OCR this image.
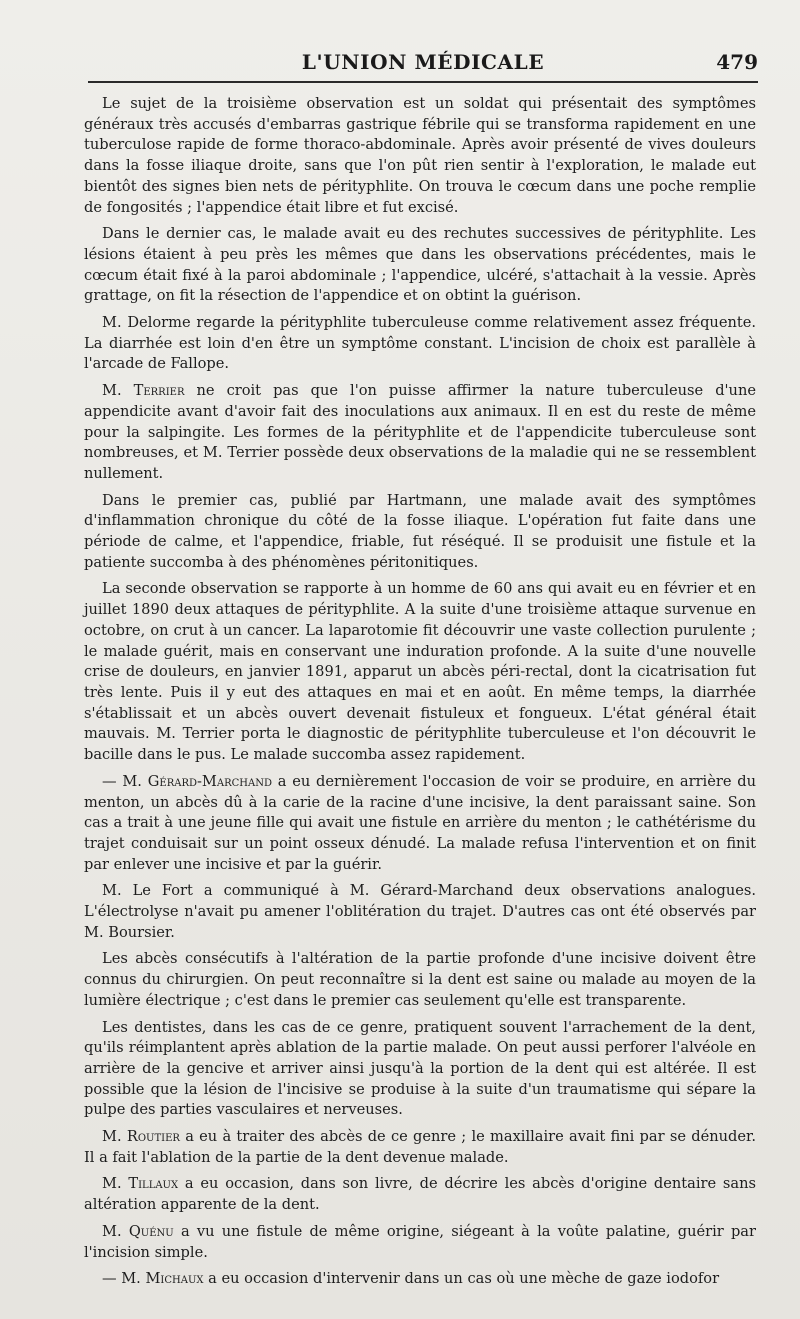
L'UNION MÉDICALE	479

Le sujet de la troisième observation est un soldat qui présentait des symptômes généraux très accusés d'embarras gastrique fébrile qui se transforma rapidement en une tuberculose rapide de forme thoraco-abdominale. Après avoir présenté de vives douleurs dans la fosse iliaque droite, sans que l'on pût rien sentir à l'exploration, le malade eut bientôt des signes bien nets de pérityphlite. On trouva le cœcum dans une poche remplie de fongosités ; l'appendice était libre et fut excisé.

Dans le dernier cas, le malade avait eu des rechutes successives de pérityphlite. Les lésions étaient à peu près les mêmes que dans les observations précédentes, mais le cœcum était fixé à la paroi abdominale ; l'appendice, ulcéré, s'attachait à la vessie. Après grattage, on fit la résection de l'appendice et on obtint la guérison.

M. Delorme regarde la pérityphlite tuberculeuse comme relativement assez fréquente. La diarrhée est loin d'en être un symptôme constant. L'incision de choix est parallèle à l'arcade de Fallope.

M. Terrier ne croit pas que l'on puisse affirmer la nature tuberculeuse d'une appendicite avant d'avoir fait des inoculations aux animaux. Il en est du reste de même pour la salpingite. Les formes de la pérityphlite et de l'appendicite tuberculeuse sont nombreuses, et M. Terrier possède deux observations de la maladie qui ne se ressemblent nullement.

Dans le premier cas, publié par Hartmann, une malade avait des symptômes d'inflammation chronique du côté de la fosse iliaque. L'opération fut faite dans une période de calme, et l'appendice, friable, fut réséqué. Il se produisit une fistule et la patiente succomba à des phénomènes péritonitiques.

La seconde observation se rapporte à un homme de 60 ans qui avait eu en février et en juillet 1890 deux attaques de pérityphlite. A la suite d'une troisième attaque survenue en octobre, on crut à un cancer. La laparotomie fit découvrir une vaste collection purulente ; le malade guérit, mais en conservant une induration profonde. A la suite d'une nouvelle crise de douleurs, en janvier 1891, apparut un abcès péri-rectal, dont la cicatrisation fut très lente. Puis il y eut des attaques en mai et en août. En même temps, la diarrhée s'établissait et un abcès ouvert devenait fistuleux et fongueux. L'état général était mauvais. M. Terrier porta le diagnostic de pérityphlite tuberculeuse et l'on découvrit le bacille dans le pus. Le malade succomba assez rapidement.

— M. Gérard-Marchand a eu dernièrement l'occasion de voir se produire, en arrière du menton, un abcès dû à la carie de la racine d'une incisive, la dent paraissant saine. Son cas a trait à une jeune fille qui avait une fistule en arrière du menton ; le cathétérisme du trajet conduisait sur un point osseux dénudé. La malade refusa l'intervention et on finit par enlever une incisive et par la guérir.

M. Le Fort a communiqué à M. Gérard-Marchand deux observations analogues. L'électrolyse n'avait pu amener l'oblitération du trajet. D'autres cas ont été observés par M. Boursier.

Les abcès consécutifs à l'altération de la partie profonde d'une incisive doivent être connus du chirurgien. On peut reconnaître si la dent est saine ou malade au moyen de la lumière électrique ; c'est dans le premier cas seulement qu'elle est transparente.

Les dentistes, dans les cas de ce genre, pratiquent souvent l'arrachement de la dent, qu'ils réimplantent après ablation de la partie malade. On peut aussi perforer l'alvéole en arrière de la gencive et arriver ainsi jusqu'à la portion de la dent qui est altérée. Il est possible que la lésion de l'incisive se produise à la suite d'un traumatisme qui sépare la pulpe des parties vasculaires et nerveuses.

M. Routier a eu à traiter des abcès de ce genre ; le maxillaire avait fini par se dénuder. Il a fait l'ablation de la partie de la dent devenue malade.

M. Tillaux a eu occasion, dans son livre, de décrire les abcès d'origine dentaire sans altération apparente de la dent.

M. Quénu a vu une fistule de même origine, siégeant à la voûte palatine, guérir par l'incision simple.

— M. Michaux a eu occasion d'intervenir dans un cas où une mèche de gaze iodofor
